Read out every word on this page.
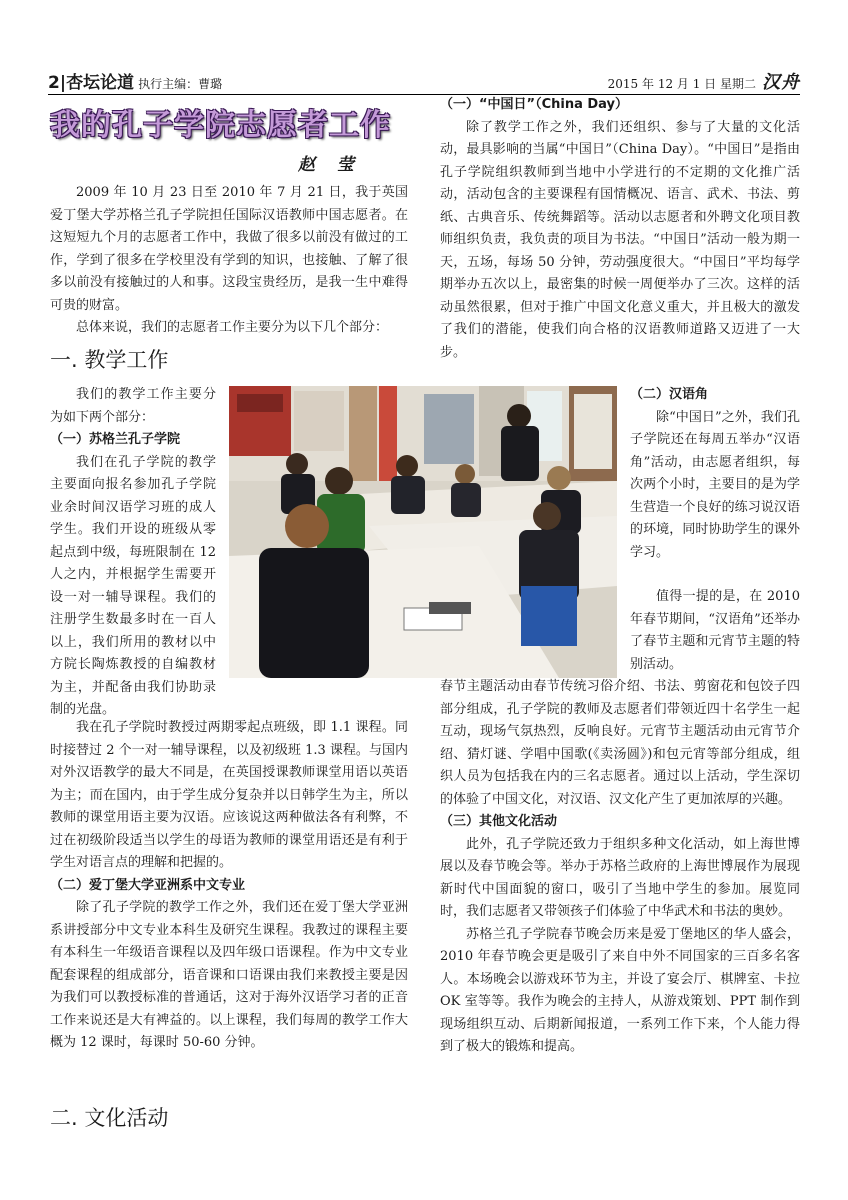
2|杏坛论道 执行主编：曹璐	2015 年 12 月 1 日 星期二 汉舟
我的孔子学院志愿者工作
赵 莹

2009 年 10 月 23 日至 2010 年 7 月 21 日，我于英国爱丁堡大学苏格兰孔子学院担任国际汉语教师中国志愿者。在这短短九个月的志愿者工作中，我做了很多以前没有做过的工作，学到了很多在学校里没有学到的知识，也接触、了解了很多以前没有接触过的人和事。这段宝贵经历，是我一生中难得可贵的财富。

总体来说，我们的志愿者工作主要分为以下几个部分：

一. 教学工作

我们的教学工作主要分为如下两个部分：

（一）苏格兰孔子学院

我们在孔子学院的教学主要面向报名参加孔子学院业余时间汉语学习班的成人学生。我们开设的班级从零起点到中级，每班限制在 12 人之内，并根据学生需要开设一对一辅导课程。我们的注册学生数最多时在一百人以上，我们所用的教材以中方院长陶炼教授的自编教材为主，并配备由我们协助录制的光盘。

我在孔子学院时教授过两期零起点班级，即 1.1 课程。同时接替过 2 个一对一辅导课程，以及初级班 1.3 课程。与国内对外汉语教学的最大不同是，在英国授课教师课堂用语以英语为主；而在国内，由于学生成分复杂并以日韩学生为主，所以教师的课堂用语主要为汉语。应该说这两种做法各有利弊，不过在初级阶段适当以学生的母语为教师的课堂用语还是有利于学生对语言点的理解和把握的。

（二）爱丁堡大学亚洲系中文专业

除了孔子学院的教学工作之外，我们还在爱丁堡大学亚洲系讲授部分中文专业本科生及研究生课程。我教过的课程主要有本科生一年级语音课程以及四年级口语课程。作为中文专业配套课程的组成部分，语音课和口语课由我们来教授主要是因为我们可以教授标准的普通话，这对于海外汉语学习者的正音工作来说还是大有裨益的。以上课程，我们每周的教学工作大概为 12 课时，每课时 50-60 分钟。

二. 文化活动

（一）“中国日”（China Day）

除了教学工作之外，我们还组织、参与了大量的文化活动，最具影响的当属“中国日”（China Day）。“中国日”是指由孔子学院组织教师到当地中小学进行的不定期的文化推广活动，活动包含的主要课程有国情概况、语言、武术、书法、剪纸、古典音乐、传统舞蹈等。活动以志愿者和外聘文化项目教师组织负责，我负责的项目为书法。“中国日”活动一般为期一天，五场，每场 50 分钟，劳动强度很大。“中国日”平均每学期举办五次以上，最密集的时候一周便举办了三次。这样的活动虽然很累，但对于推广中国文化意义重大，并且极大的激发了我们的潜能，使我们向合格的汉语教师道路又迈进了一大步。

（二）汉语角

除“中国日”之外，我们孔子学院还在每周五举办“汉语角”活动，由志愿者组织，每次两个小时，主要目的是为学生营造一个良好的练习说汉语的环境，同时协助学生的课外学习。

值得一提的是，在 2010 年春节期间，“汉语角”还举办了春节主题和元宵节主题的特别活动。

春节主题活动由春节传统习俗介绍、书法、剪窗花和包饺子四部分组成，孔子学院的教师及志愿者们带领近四十名学生一起互动，现场气氛热烈，反响良好。元宵节主题活动由元宵节介绍、猜灯谜、学唱中国歌(《卖汤圆》)和包元宵等部分组成，组织人员为包括我在内的三名志愿者。通过以上活动，学生深切的体验了中国文化，对汉语、汉文化产生了更加浓厚的兴趣。

（三）其他文化活动

此外，孔子学院还致力于组织多种文化活动，如上海世博展以及春节晚会等。举办于苏格兰政府的上海世博展作为展现新时代中国面貌的窗口，吸引了当地中学生的参加。展览同时，我们志愿者又带领孩子们体验了中华武术和书法的奥妙。

苏格兰孔子学院春节晚会历来是爱丁堡地区的华人盛会，2010 年春节晚会更是吸引了来自中外不同国家的三百多名客人。本场晚会以游戏环节为主，并设了宴会厅、棋牌室、卡拉 OK 室等等。我作为晚会的主持人，从游戏策划、PPT 制作到现场组织互动、后期新闻报道，一系列工作下来，个人能力得到了极大的锻炼和提高。
